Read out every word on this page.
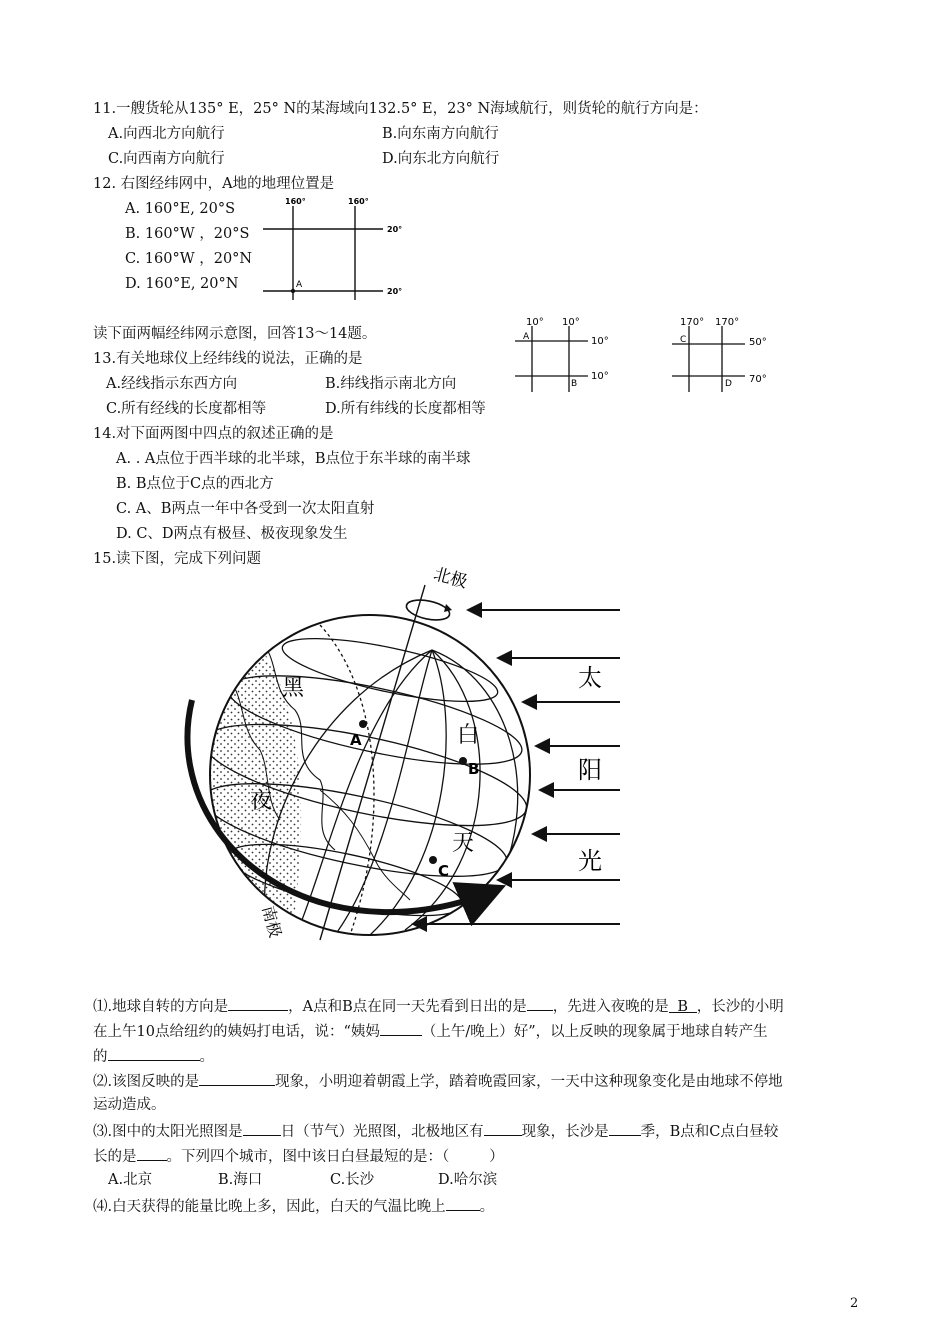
11.一艘货轮从135° E，25° N的某海域向132.5° E，23° N海域航行，则货轮的航行方向是：
A.向西北方向航行	B.向东南方向航行
C.向西南方向航行	D.向东北方向航行
12. 右图经纬网中，A地的地理位置是
A. 160°E, 20°S
B. 160°W ，20°S
C. 160°W ，20°N
D. 160°E, 20°N
160°	160°
20°
20°
A
读下面两幅经纬网示意图，回答13～14题。
10° 10°
10°
10°
A
B
170° 170°
50°
70°
C
D
13.有关地球仪上经纬线的说法，正确的是
A.经线指示东西方向	B.纬线指示南北方向
C.所有经线的长度都相等	D.所有纬线的长度都相等
14.对下面两图中四点的叙述正确的是
A. . A点位于西半球的北半球，B点位于东半球的南半球
B. B点位于C点的西北方
C. A、B两点一年中各受到一次太阳直射
D. C、D两点有极昼、极夜现象发生
15.读下图，完成下列问题
北极
南极
黑
夜
白
天
太
阳
光
A
B
C
⑴.地球自转的方向是	，A点和B点在同一天先看到日出的是 ，先进入夜晚的是 B ，长沙的小明
在上午10点给纽约的姨妈打电话，说：“姨妈	（上午/晚上）好”，以上反映的现象属于地球自转产生
的	。
⑵.该图反映的是	现象，小明迎着朝霞上学，踏着晚霞回家，一天中这种现象变化是由地球不停地
运动造成。
⑶.图中的太阳光照图是	日（节气）光照图，北极地区有	现象，长沙是 季，B点和C点白昼较
长的是 。下列四个城市，图中该日白昼最短的是：（	）
A.北京	B.海口	C.长沙	D.哈尔滨
⑷.白天获得的能量比晚上多，因此，白天的气温比晚上 。
2
